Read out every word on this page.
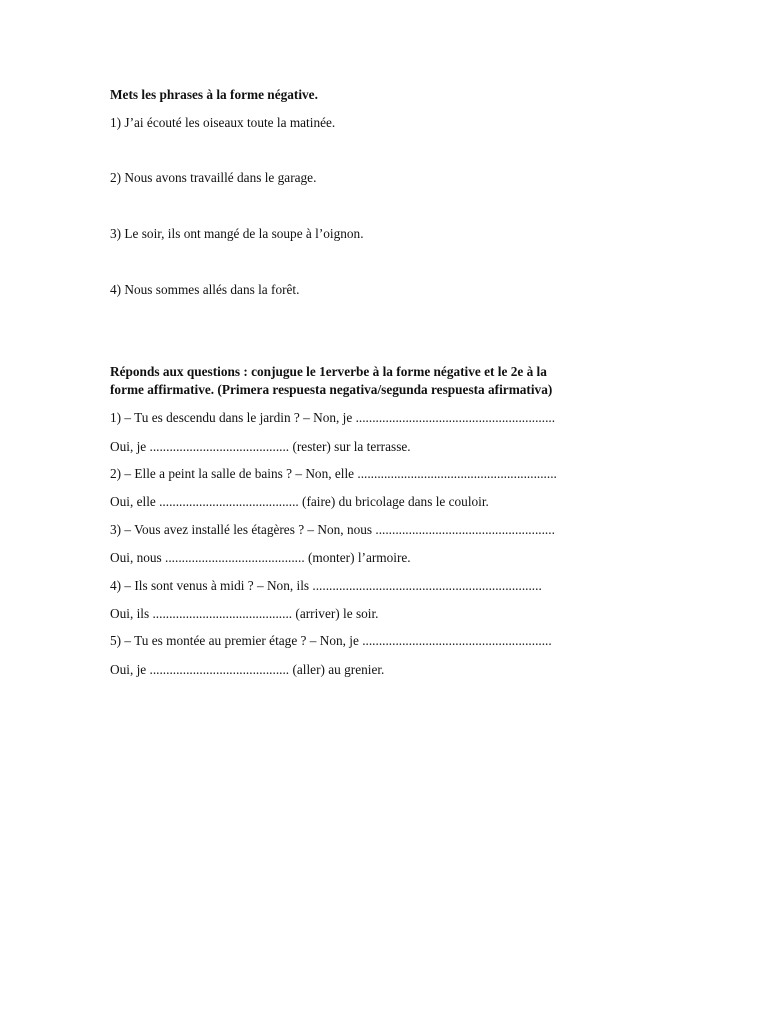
Mets les phrases à la forme négative.
1) J’ai écouté les oiseaux toute la matinée.
2) Nous avons travaillé dans le garage.
3) Le soir, ils ont mangé de la soupe à l’oignon.
4) Nous sommes allés dans la forêt.
Réponds aux questions : conjugue le 1erverbe à la forme négative et le 2e à la
forme affirmative. (Primera respuesta negativa/segunda respuesta afirmativa)
1) – Tu es descendu dans le jardin ? – Non, je ............................................................
Oui, je .......................................... (rester) sur la terrasse.
2) – Elle a peint la salle de bains ? – Non, elle ............................................................
Oui, elle .......................................... (faire) du bricolage dans le couloir.
3) – Vous avez installé les étagères ? – Non, nous ......................................................
Oui, nous .......................................... (monter) l’armoire.
4) – Ils sont venus à midi ? – Non, ils .....................................................................
Oui, ils .......................................... (arriver) le soir.
5) – Tu es montée au premier étage ? – Non, je .........................................................
Oui, je .......................................... (aller) au grenier.
